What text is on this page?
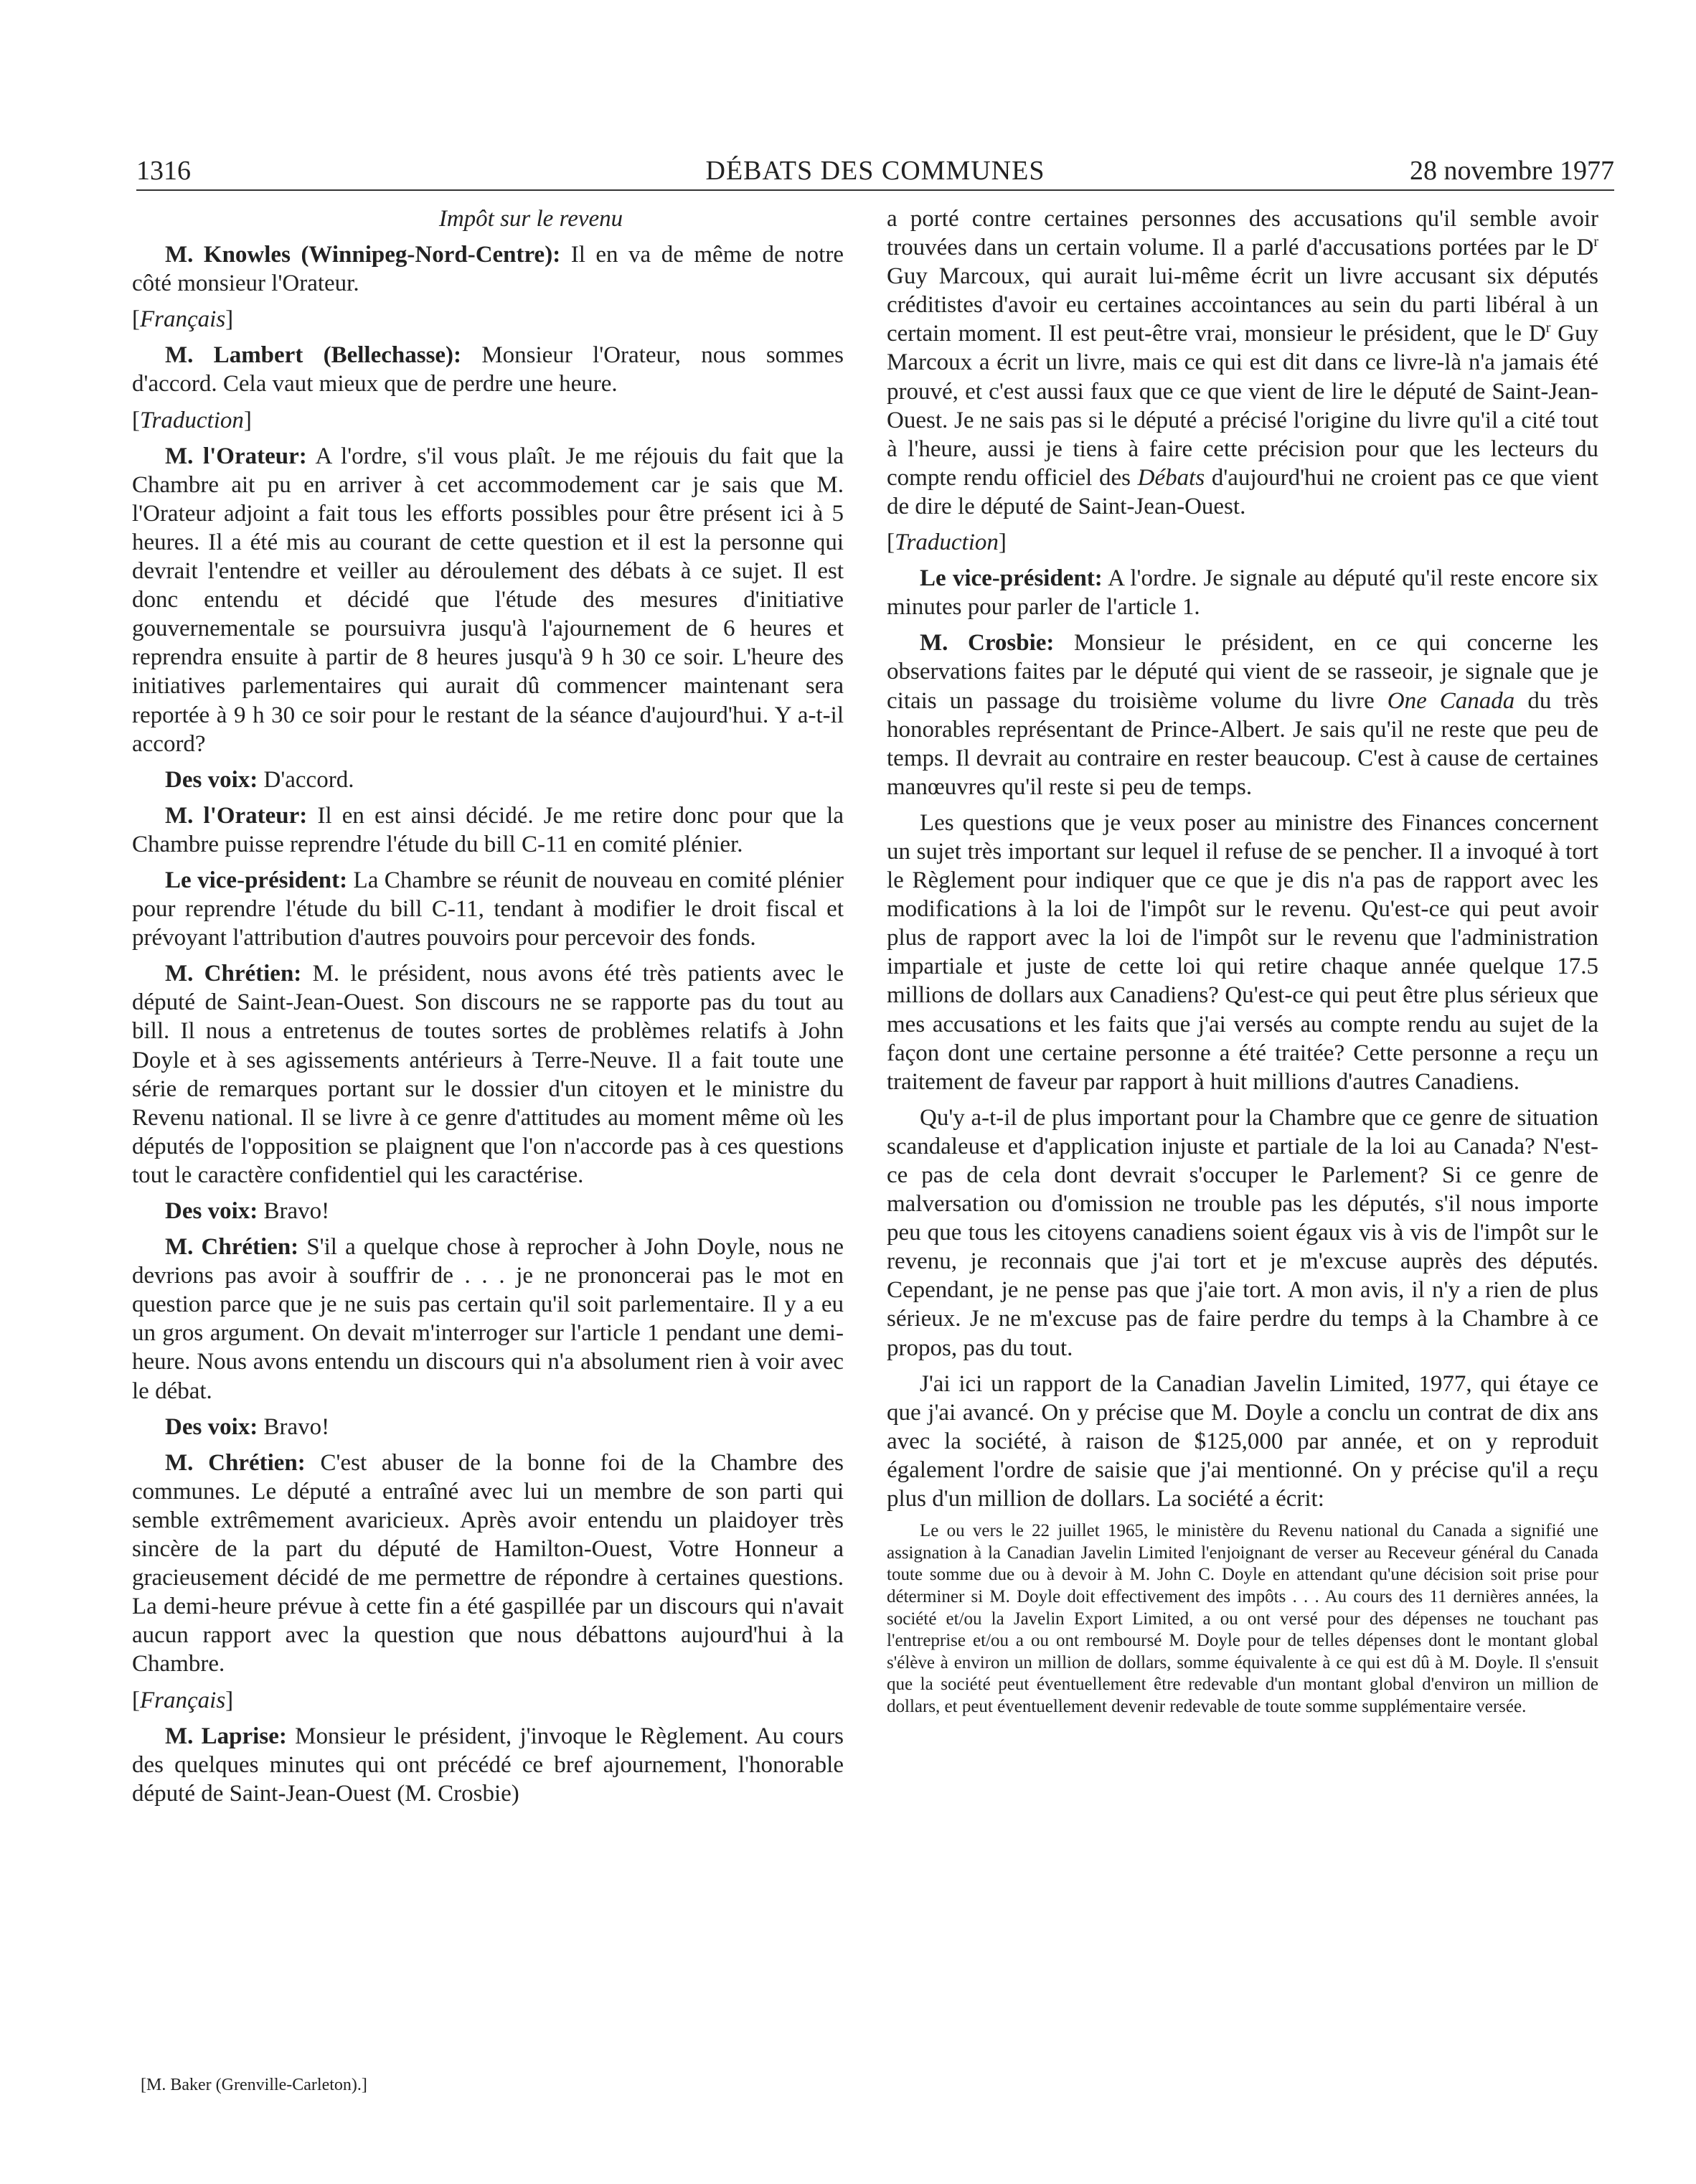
1316	DÉBATS DES COMMUNES	28 novembre 1977

Impôt sur le revenu

M. Knowles (Winnipeg-Nord-Centre): Il en va de même de notre côté monsieur l'Orateur.

[Français]

M. Lambert (Bellechasse): Monsieur l'Orateur, nous sommes d'accord. Cela vaut mieux que de perdre une heure.

[Traduction]

M. l'Orateur: A l'ordre, s'il vous plaît. Je me réjouis du fait que la Chambre ait pu en arriver à cet accommodement car je sais que M. l'Orateur adjoint a fait tous les efforts possibles pour être présent ici à 5 heures. Il a été mis au courant de cette question et il est la personne qui devrait l'entendre et veiller au déroulement des débats à ce sujet. Il est donc entendu et décidé que l'étude des mesures d'initiative gouvernementale se poursuivra jusqu'à l'ajournement de 6 heures et reprendra ensuite à partir de 8 heures jusqu'à 9 h 30 ce soir. L'heure des initiatives parlementaires qui aurait dû commencer maintenant sera reportée à 9 h 30 ce soir pour le restant de la séance d'aujourd'hui. Y a-t-il accord?

Des voix: D'accord.

M. l'Orateur: Il en est ainsi décidé. Je me retire donc pour que la Chambre puisse reprendre l'étude du bill C-11 en comité plénier.

Le vice-président: La Chambre se réunit de nouveau en comité plénier pour reprendre l'étude du bill C-11, tendant à modifier le droit fiscal et prévoyant l'attribution d'autres pouvoirs pour percevoir des fonds.

M. Chrétien: M. le président, nous avons été très patients avec le député de Saint-Jean-Ouest. Son discours ne se rapporte pas du tout au bill. Il nous a entretenus de toutes sortes de problèmes relatifs à John Doyle et à ses agissements antérieurs à Terre-Neuve. Il a fait toute une série de remarques portant sur le dossier d'un citoyen et le ministre du Revenu national. Il se livre à ce genre d'attitudes au moment même où les députés de l'opposition se plaignent que l'on n'accorde pas à ces questions tout le caractère confidentiel qui les caractérise.

Des voix: Bravo!

M. Chrétien: S'il a quelque chose à reprocher à John Doyle, nous ne devrions pas avoir à souffrir de . . . je ne prononcerai pas le mot en question parce que je ne suis pas certain qu'il soit parlementaire. Il y a eu un gros argument. On devait m'interroger sur l'article 1 pendant une demi-heure. Nous avons entendu un discours qui n'a absolument rien à voir avec le débat.

Des voix: Bravo!

M. Chrétien: C'est abuser de la bonne foi de la Chambre des communes. Le député a entraîné avec lui un membre de son parti qui semble extrêmement avaricieux. Après avoir entendu un plaidoyer très sincère de la part du député de Hamilton-Ouest, Votre Honneur a gracieusement décidé de me permettre de répondre à certaines questions. La demi-heure prévue à cette fin a été gaspillée par un discours qui n'avait aucun rapport avec la question que nous débattons aujourd'hui à la Chambre.

[Français]

M. Laprise: Monsieur le président, j'invoque le Règlement. Au cours des quelques minutes qui ont précédé ce bref ajournement, l'honorable député de Saint-Jean-Ouest (M. Crosbie)

[M. Baker (Grenville-Carleton).]

a porté contre certaines personnes des accusations qu'il semble avoir trouvées dans un certain volume. Il a parlé d'accusations portées par le $D^r$ Guy Marcoux, qui aurait lui-même écrit un livre accusant six députés créditistes d'avoir eu certaines accointances au sein du parti libéral à un certain moment. Il est peut-être vrai, monsieur le président, que le $D^r$ Guy Marcoux a écrit un livre, mais ce qui est dit dans ce livre-là n'a jamais été prouvé, et c'est aussi faux que ce que vient de lire le député de Saint-Jean-Ouest. Je ne sais pas si le député a précisé l'origine du livre qu'il a cité tout à l'heure, aussi je tiens à faire cette précision pour que les lecteurs du compte rendu officiel des Débats d'aujourd'hui ne croient pas ce que vient de dire le député de Saint-Jean-Ouest.

[Traduction]

Le vice-président: A l'ordre. Je signale au député qu'il reste encore six minutes pour parler de l'article 1.

M. Crosbie: Monsieur le président, en ce qui concerne les observations faites par le député qui vient de se rasseoir, je signale que je citais un passage du troisième volume du livre One Canada du très honorables représentant de Prince-Albert. Je sais qu'il ne reste que peu de temps. Il devrait au contraire en rester beaucoup. C'est à cause de certaines manœuvres qu'il reste si peu de temps.

Les questions que je veux poser au ministre des Finances concernent un sujet très important sur lequel il refuse de se pencher. Il a invoqué à tort le Règlement pour indiquer que ce que je dis n'a pas de rapport avec les modifications à la loi de l'impôt sur le revenu. Qu'est-ce qui peut avoir plus de rapport avec la loi de l'impôt sur le revenu que l'administration impartiale et juste de cette loi qui retire chaque année quelque 17.5 millions de dollars aux Canadiens? Qu'est-ce qui peut être plus sérieux que mes accusations et les faits que j'ai versés au compte rendu au sujet de la façon dont une certaine personne a été traitée? Cette personne a reçu un traitement de faveur par rapport à huit millions d'autres Canadiens.

Qu'y a-t-il de plus important pour la Chambre que ce genre de situation scandaleuse et d'application injuste et partiale de la loi au Canada? N'est-ce pas de cela dont devrait s'occuper le Parlement? Si ce genre de malversation ou d'omission ne trouble pas les députés, s'il nous importe peu que tous les citoyens canadiens soient égaux vis à vis de l'impôt sur le revenu, je reconnais que j'ai tort et je m'excuse auprès des députés. Cependant, je ne pense pas que j'aie tort. A mon avis, il n'y a rien de plus sérieux. Je ne m'excuse pas de faire perdre du temps à la Chambre à ce propos, pas du tout.

J'ai ici un rapport de la Canadian Javelin Limited, 1977, qui étaye ce que j'ai avancé. On y précise que M. Doyle a conclu un contrat de dix ans avec la société, à raison de $125,000 par année, et on y reproduit également l'ordre de saisie que j'ai mentionné. On y précise qu'il a reçu plus d'un million de dollars. La société a écrit:

Le ou vers le 22 juillet 1965, le ministère du Revenu national du Canada a signifié une assignation à la Canadian Javelin Limited l'enjoignant de verser au Receveur général du Canada toute somme due ou à devoir à M. John C. Doyle en attendant qu'une décision soit prise pour déterminer si M. Doyle doit effectivement des impôts . . . Au cours des 11 dernières années, la société et/ou la Javelin Export Limited, a ou ont versé pour des dépenses ne touchant pas l'entreprise et/ou a ou ont remboursé M. Doyle pour de telles dépenses dont le montant global s'élève à environ un million de dollars, somme équivalente à ce qui est dû à M. Doyle. Il s'ensuit que la société peut éventuellement être redevable d'un montant global d'environ un million de dollars, et peut éventuellement devenir redevable de toute somme supplémentaire versée.
